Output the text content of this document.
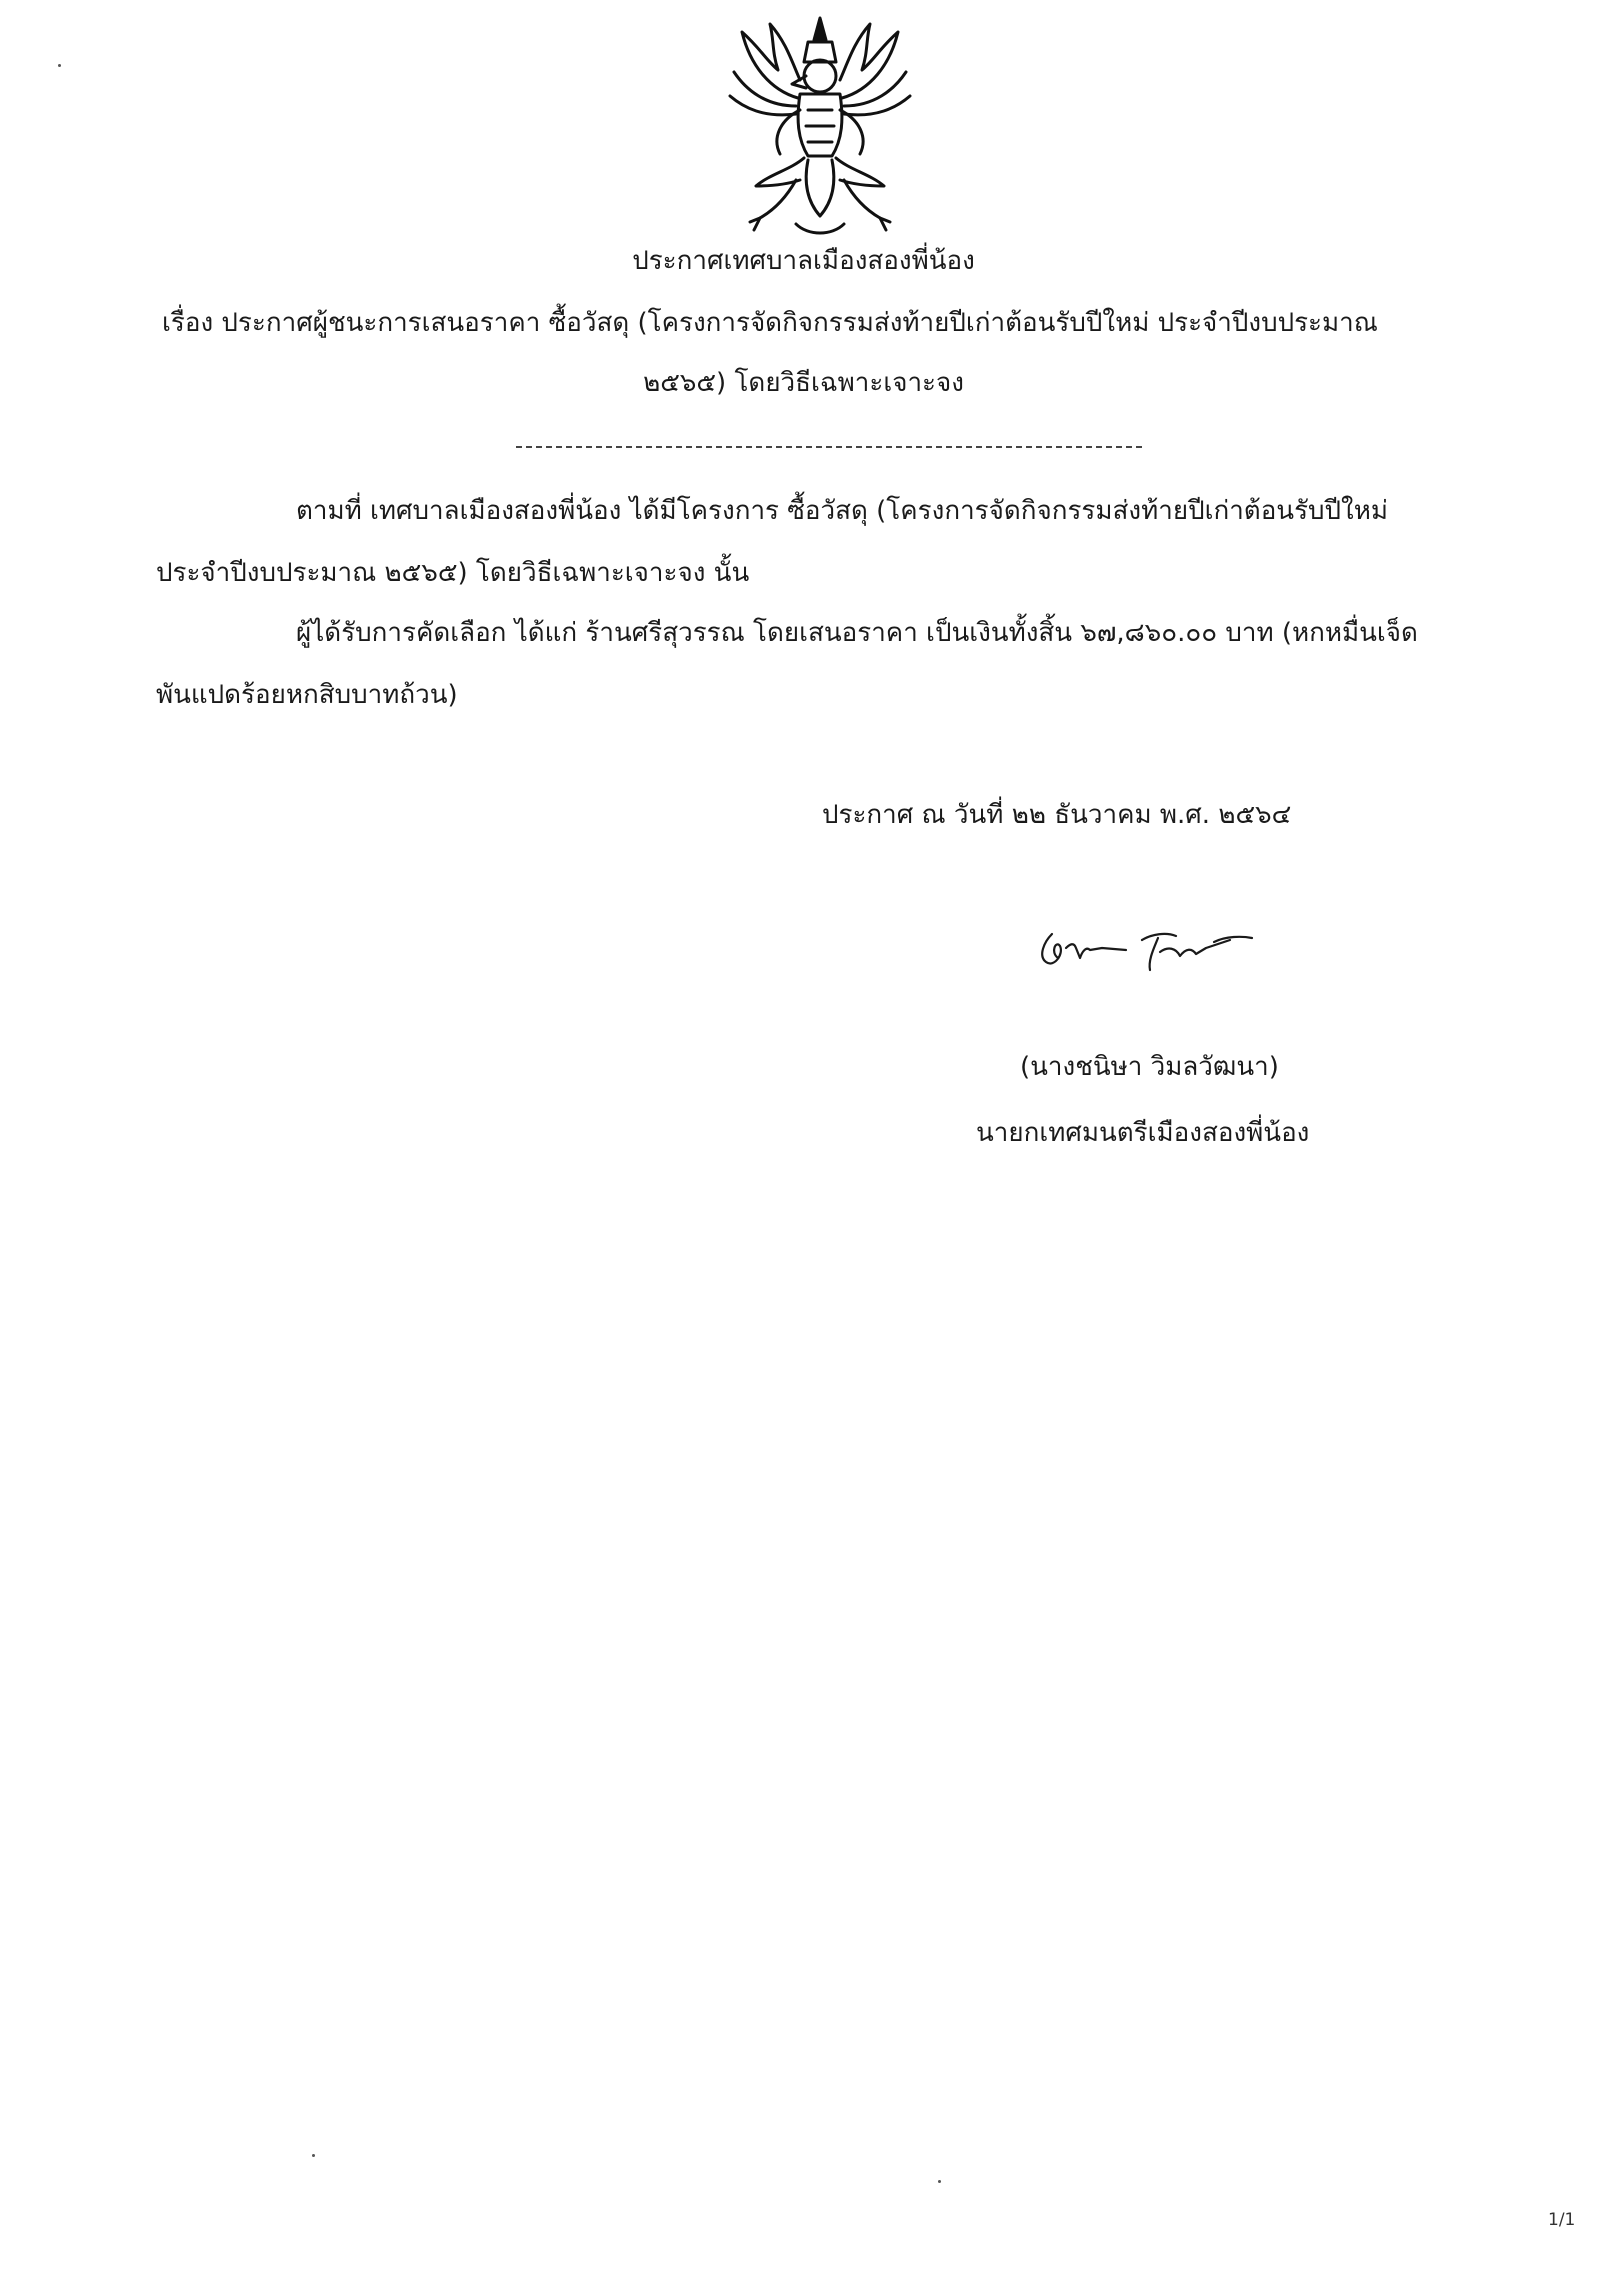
ประกาศเทศบาลเมืองสองพี่น้อง
เรื่อง ประกาศผู้ชนะการเสนอราคา ซื้อวัสดุ (โครงการจัดกิจกรรมส่งท้ายปีเก่าต้อนรับปีใหม่ ประจำปีงบประมาณ
๒๕๖๕) โดยวิธีเฉพาะเจาะจง
ตามที่ เทศบาลเมืองสองพี่น้อง ได้มีโครงการ ซื้อวัสดุ (โครงการจัดกิจกรรมส่งท้ายปีเก่าต้อนรับปีใหม่
ประจำปีงบประมาณ ๒๕๖๕) โดยวิธีเฉพาะเจาะจง นั้น
ผู้ได้รับการคัดเลือก ได้แก่ ร้านศรีสุวรรณ โดยเสนอราคา เป็นเงินทั้งสิ้น ๖๗,๘๖๐.๐๐ บาท (หกหมื่นเจ็ด
พันแปดร้อยหกสิบบาทถ้วน)
ประกาศ ณ วันที่ ๒๒ ธันวาคม พ.ศ. ๒๕๖๔
(นางชนิษา วิมลวัฒนา)
นายกเทศมนตรีเมืองสองพี่น้อง
1/1
